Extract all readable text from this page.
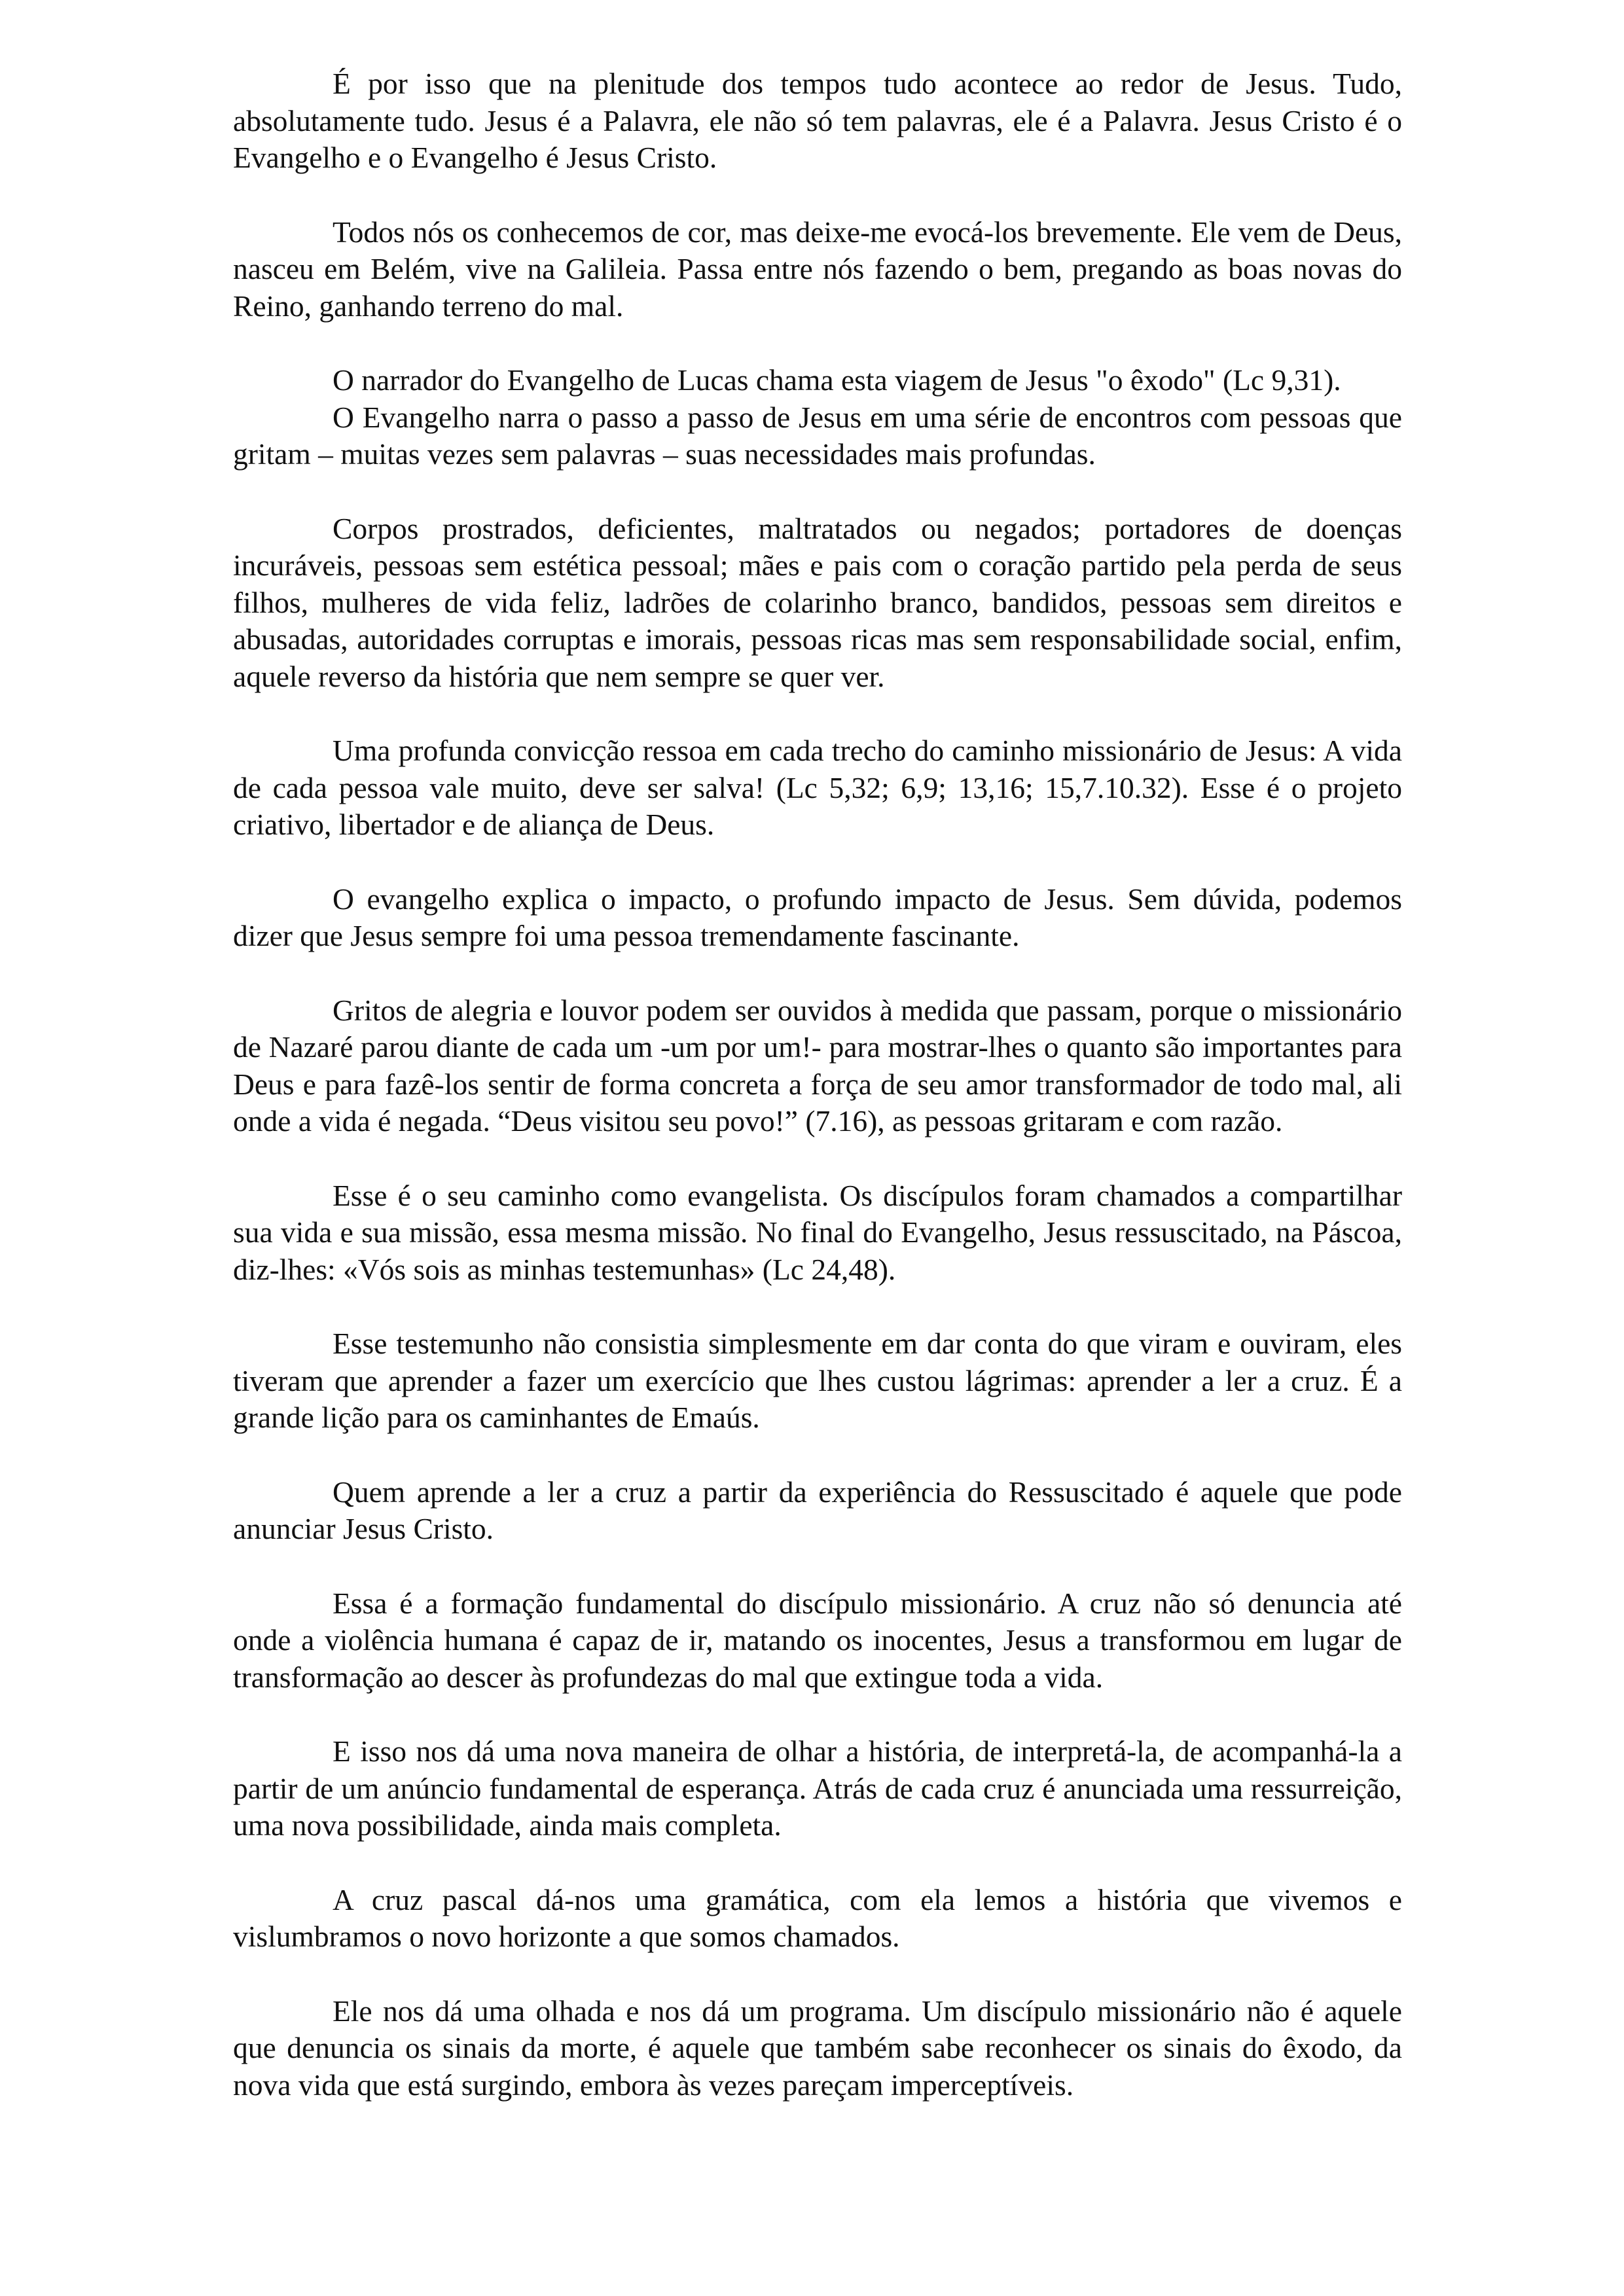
É por isso que na plenitude dos tempos tudo acontece ao redor de Jesus. Tudo, absolutamente tudo. Jesus é a Palavra, ele não só tem palavras, ele é a Palavra. Jesus Cristo é o Evangelho e o Evangelho é Jesus Cristo.

Todos nós os conhecemos de cor, mas deixe-me evocá-los brevemente. Ele vem de Deus, nasceu em Belém, vive na Galileia. Passa entre nós fazendo o bem, pregando as boas novas do Reino, ganhando terreno do mal.

O narrador do Evangelho de Lucas chama esta viagem de Jesus "o êxodo" (Lc 9,31).

O Evangelho narra o passo a passo de Jesus em uma série de encontros com pessoas que gritam – muitas vezes sem palavras – suas necessidades mais profundas.

Corpos prostrados, deficientes, maltratados ou negados; portadores de doenças incuráveis, pessoas sem estética pessoal; mães e pais com o coração partido pela perda de seus filhos, mulheres de vida feliz, ladrões de colarinho branco, bandidos, pessoas sem direitos e abusadas, autoridades corruptas e imorais, pessoas ricas mas sem responsabilidade social, enfim, aquele reverso da história que nem sempre se quer ver.

Uma profunda convicção ressoa em cada trecho do caminho missionário de Jesus: A vida de cada pessoa vale muito, deve ser salva! (Lc 5,32; 6,9; 13,16; 15,7.10.32). Esse é o projeto criativo, libertador e de aliança de Deus.

O evangelho explica o impacto, o profundo impacto de Jesus. Sem dúvida, podemos dizer que Jesus sempre foi uma pessoa tremendamente fascinante.

Gritos de alegria e louvor podem ser ouvidos à medida que passam, porque o missionário de Nazaré parou diante de cada um -um por um!- para mostrar-lhes o quanto são importantes para Deus e para fazê-los sentir de forma concreta a força de seu amor transformador de todo mal, ali onde a vida é negada. “Deus visitou seu povo!” (7.16), as pessoas gritaram e com razão.

Esse é o seu caminho como evangelista. Os discípulos foram chamados a compartilhar sua vida e sua missão, essa mesma missão. No final do Evangelho, Jesus ressuscitado, na Páscoa, diz-lhes: «Vós sois as minhas testemunhas» (Lc 24,48).

Esse testemunho não consistia simplesmente em dar conta do que viram e ouviram, eles tiveram que aprender a fazer um exercício que lhes custou lágrimas: aprender a ler a cruz. É a grande lição para os caminhantes de Emaús.

Quem aprende a ler a cruz a partir da experiência do Ressuscitado é aquele que pode anunciar Jesus Cristo.

Essa é a formação fundamental do discípulo missionário. A cruz não só denuncia até onde a violência humana é capaz de ir, matando os inocentes, Jesus a transformou em lugar de transformação ao descer às profundezas do mal que extingue toda a vida.

E isso nos dá uma nova maneira de olhar a história, de interpretá-la, de acompanhá-la a partir de um anúncio fundamental de esperança. Atrás de cada cruz é anunciada uma ressurreição, uma nova possibilidade, ainda mais completa.

A cruz pascal dá-nos uma gramática, com ela lemos a história que vivemos e vislumbramos o novo horizonte a que somos chamados.

Ele nos dá uma olhada e nos dá um programa. Um discípulo missionário não é aquele que denuncia os sinais da morte, é aquele que também sabe reconhecer os sinais do êxodo, da nova vida que está surgindo, embora às vezes pareçam imperceptíveis.
